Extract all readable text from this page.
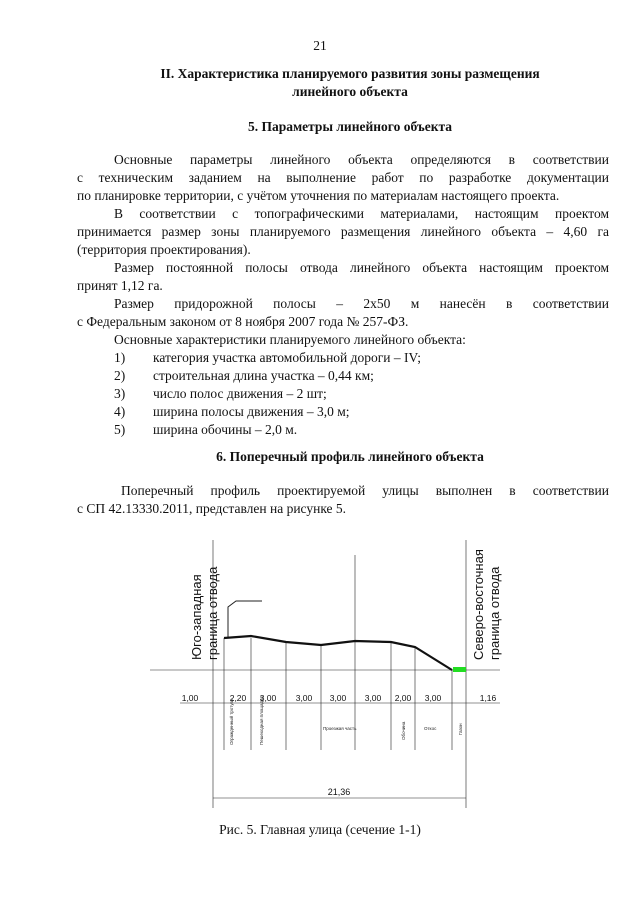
21
II. Характеристика планируемого развития зоны размещения
линейного объекта
5. Параметры линейного объекта
Основные параметры линейного объекта определяются в соответствии
с техническим заданием на выполнение работ по разработке документации
по планировке территории, с учётом уточнения по материалам настоящего проекта.
В соответствии с топографическими материалами, настоящим проектом
принимается размер зоны планируемого размещения линейного объекта – 4,60 га
(территория проектирования).
Размер постоянной полосы отвода линейного объекта настоящим проектом
принят 1,12 га.
Размер придорожной полосы – 2х50 м нанесён в соответствии
с Федеральным законом от 8 ноября 2007 года № 257-ФЗ.
Основные характеристики планируемого линейного объекта:
1)	категория участка автомобильной дороги – IV;
2)	строительная длина участка – 0,44 км;
3)	число полос движения – 2 шт;
4)	ширина полосы движения – 3,0 м;
5)	ширина обочины – 2,0 м.
6. Поперечный профиль линейного объекта
Поперечный профиль проектируемой улицы выполнен в соответствии
с СП 42.13330.2011, представлен на рисунке 5.
Юго-западная граница отвода	Северо-восточная граница отвода
1,00	2,20 3,00 3,00 3,00 3,00 2,00 3,00	1,16
21,36
Огражденный тротуар	Пешеходная площадка	Проезжая часть	Обочина	Откос	Газон
Рис. 5. Главная улица (сечение 1-1)
